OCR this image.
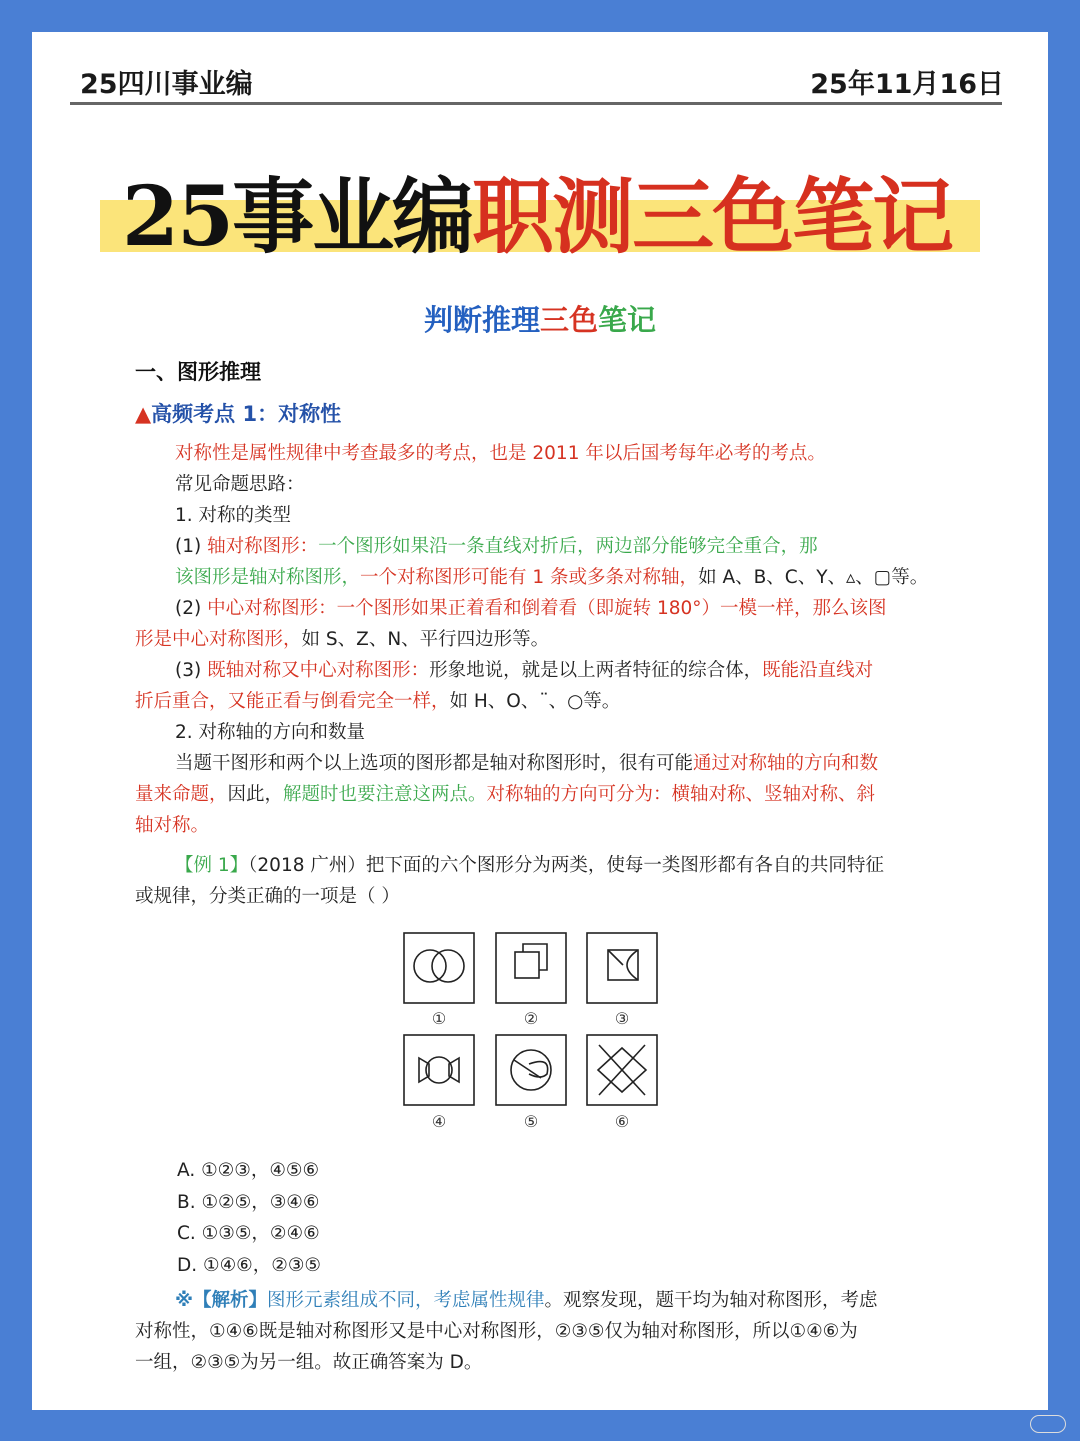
25四川事业编	25年11月16日
25事业编职测三色笔记
判断推理三色笔记
一、图形推理
▲高频考点 1：对称性
对称性是属性规律中考查最多的考点，也是 2011 年以后国考每年必考的考点。
常见命题思路：
1. 对称的类型
(1) 轴对称图形：一个图形如果沿一条直线对折后，两边部分能够完全重合，那
该图形是轴对称图形，一个对称图形可能有 1 条或多条对称轴，如 A、B、C、Y、▵、▢等。
(2) 中心对称图形：一个图形如果正着看和倒着看（即旋转 180°）一模一样，那么该图
形是中心对称图形，如 S、Z、N、平行四边形等。
(3) 既轴对称又中心对称图形：形象地说，就是以上两者特征的综合体，既能沿直线对
折后重合，又能正看与倒看完全一样，如 H、O、¨、○等。
2. 对称轴的方向和数量
当题干图形和两个以上选项的图形都是轴对称图形时，很有可能通过对称轴的方向和数
量来命题，因此，解题时也要注意这两点。对称轴的方向可分为：横轴对称、竖轴对称、斜
轴对称。
【例 1】（2018 广州）把下面的六个图形分为两类，使每一类图形都有各自的共同特征
或规律，分类正确的一项是（ ）
①	②	③
④	⑤	⑥
A. ①②③，④⑤⑥
B. ①②⑤，③④⑥
C. ①③⑤，②④⑥
D. ①④⑥，②③⑤
※【解析】图形元素组成不同，考虑属性规律。观察发现，题干均为轴对称图形，考虑
对称性，①④⑥既是轴对称图形又是中心对称图形，②③⑤仅为轴对称图形，所以①④⑥为
一组，②③⑤为另一组。故正确答案为 D。
